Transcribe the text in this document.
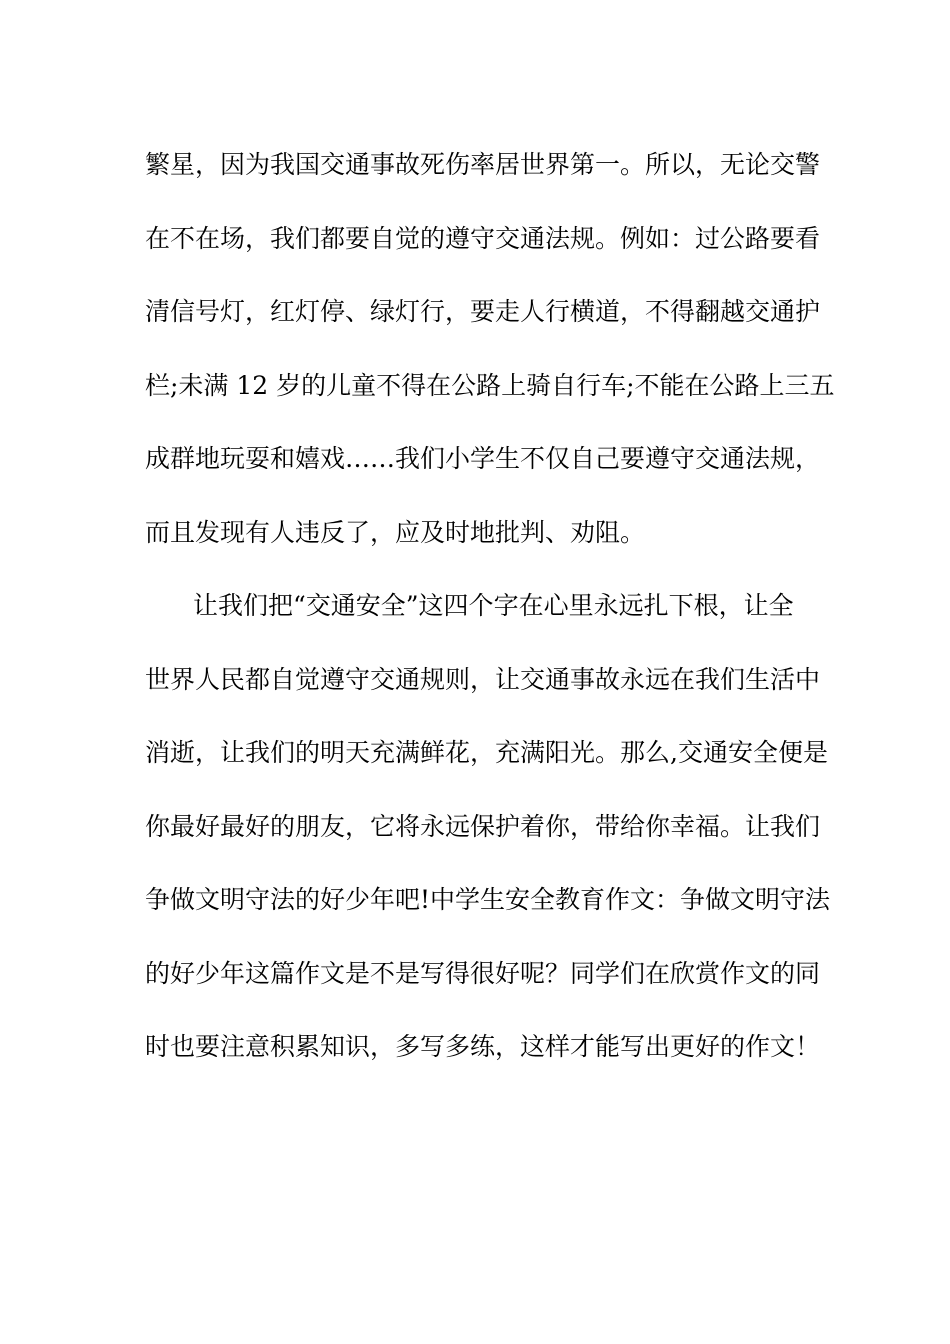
繁星，因为我国交通事故死伤率居世界第一。所以，无论交警
在不在场，我们都要自觉的遵守交通法规。例如：过公路要看
清信号灯，红灯停、绿灯行，要走人行横道，不得翻越交通护
栏;未满 12 岁的儿童不得在公路上骑自行车;不能在公路上三五
成群地玩耍和嬉戏……我们小学生不仅自己要遵守交通法规，
而且发现有人违反了，应及时地批判、劝阻。
让我们把“交通安全”这四个字在心里永远扎下根，让全
世界人民都自觉遵守交通规则，让交通事故永远在我们生活中
消逝，让我们的明天充满鲜花，充满阳光。那么,交通安全便是
你最好最好的朋友，它将永远保护着你，带给你幸福。让我们
争做文明守法的好少年吧!中学生安全教育作文：争做文明守法
的好少年这篇作文是不是写得很好呢？同学们在欣赏作文的同
时也要注意积累知识，多写多练，这样才能写出更好的作文！
